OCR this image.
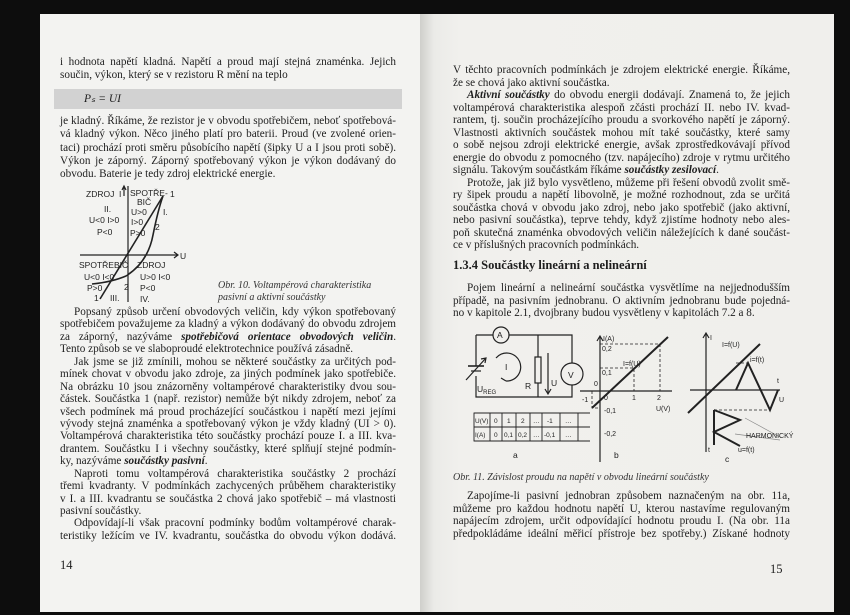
i hodnota napětí kladná. Napětí a proud mají stejná znaménka. Jejich
součin, výkon, který se v rezistoru R mění na teplo
Pₛ = UI
je kladný. Říkáme, že rezistor je v obvodu spotřebičem, neboť spotřebová-
vá kladný výkon. Něco jiného platí pro baterii. Proud (ve zvolené orien-
taci) prochází proti směru působícího napětí (šipky U a I jsou proti sobě).
Výkon je záporný. Záporný spotřebovaný výkon je výkon dodávaný do
obvodu. Baterie je tedy zdroj elektrické energie.
ZDROJ I SPOTŘE-
BIČ
1
II.
U<0 I>0
P<0
U>0
I>0
P>0
I.
2
SPOTŘEBIČ ZDROJ
U
U<0 I<0
P>0
U>0 I<0
P<0
2
1 III. IV.
Obr. 10. Voltampérová charakteristika
pasivní a aktivní součástky
Popsaný způsob určení obvodových veličin, kdy výkon spotřebovaný
spotřebičem považujeme za kladný a výkon dodávaný do obvodu zdrojem
za záporný, nazýváme spotřebičová orientace obvodových veličin.
Tento způsob se ve slaboproudé elektrotechnice používá zásadně.
Jak jsme se již zmínili, mohou se některé součástky za určitých pod-
mínek chovat v obvodu jako zdroje, za jiných podmínek jako spotřebiče.
Na obrázku 10 jsou znázorněny voltampérové charakteristiky dvou sou-
částek. Součástka 1 (např. rezistor) nemůže být nikdy zdrojem, neboť za
všech podmínek má proud procházející součástkou i napětí mezi jejími
vývody stejná znaménka a spotřebovaný výkon je vždy kladný (UI > 0).
Voltampérová charakteristika této součástky prochází pouze I. a III. kva-
drantem. Součástku I i všechny součástky, které splňují stejné podmín-
ky, nazýváme součástky pasivní.
Naproti tomu voltampérová charakteristika součástky 2 prochází
třemi kvadranty. V podmínkách zachycených průběhem charakteristiky
v I. a III. kvadrantu se součástka 2 chová jako spotřebič – má vlastnosti
pasivní součástky.
Odpovídají-li však pracovní podmínky bodům voltampérové charak-
teristiky ležícím ve IV. kvadrantu, součástka do obvodu výkon dodává.
14
V těchto pracovních podmínkách je zdrojem elektrické energie. Říkáme,
že se chová jako aktivní součástka.
Aktivní součástky do obvodu energii dodávají. Znamená to, že jejich
voltampérová charakteristika alespoň zčásti prochází II. nebo IV. kvad-
rantem, tj. součin procházejícího proudu a svorkového napětí je záporný.
Vlastnosti aktivních součástek mohou mít také součástky, které samy
o sobě nejsou zdroji elektrické energie, avšak zprostředkovávají přívod
energie do obvodu z pomocného (tzv. napájecího) zdroje v rytmu určitého
signálu. Takovým součástkám říkáme součástky zesilovací.
Protože, jak již bylo vysvětleno, můžeme při řešení obvodů zvolit smě-
ry šipek proudu a napětí libovolně, je možné rozhodnout, zda se určitá
součástka chová v obvodu jako zdroj, nebo jako spotřebič (jako aktivní,
nebo pasivní součástka), teprve tehdy, když zjistíme hodnoty nebo ales-
poň skutečná znaménka obvodových veličin náležejících k dané součást-
ce v příslušných pracovních podmínkách.
1.3.4 Součástky lineární a nelineární
Pojem lineární a nelineární součástka vysvětlíme na nejjednodušším
případě, na pasivním jednobranu. O aktivním jednobranu bude pojedná-
no v kapitole 2.1, dvojbrany budou vysvětleny v kapitolách 7.2 a 8.
A
V
I
$U_{REG}$
R U
U(V) 0 1 2 … -1 …
I(A) 0 0,1 0,2 … -0,1 …
a
I(A)
0,2
I=f(U)
0,1
0
-1 0	1	2
U(V)
-0,1
-0,2
b
I
I=f(U)
i=f(t)
t
U
HARMONICKÝ
t	u=f(t)
c
Obr. 11. Závislost proudu na napětí v obvodu lineární součástky
Zapojíme-li pasivní jednobran způsobem naznačeným na obr. 11a,
můžeme pro každou hodnotu napětí U, kterou nastavíme regulovaným
napájecím zdrojem, určit odpovídající hodnotu proudu I. (Na obr. 11a
předpokládáme ideální měřicí přístroje bez spotřeby.) Získané hodnoty
15
